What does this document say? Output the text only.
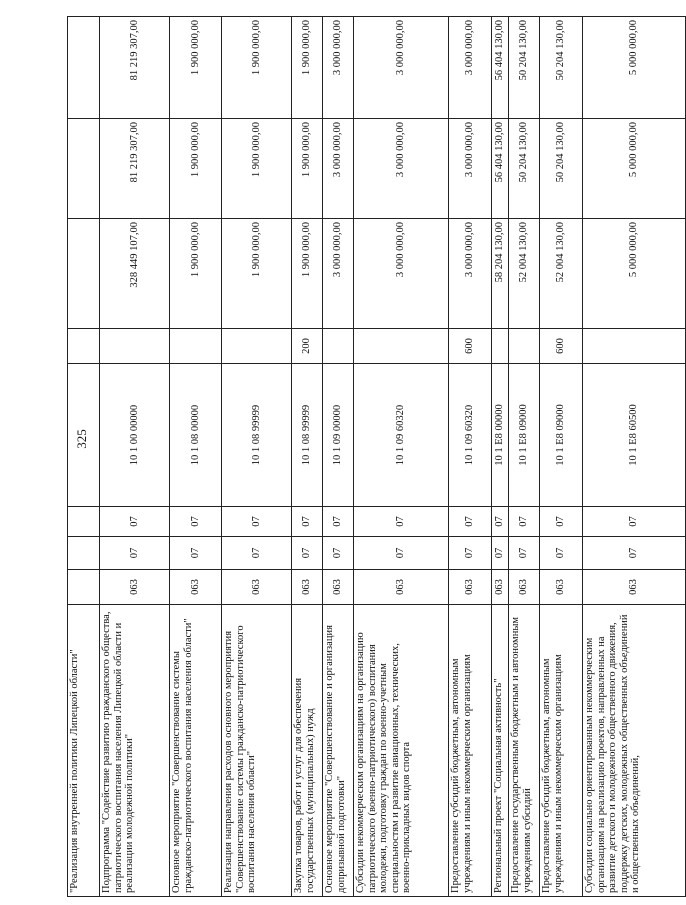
325
"Реализация внутренней политики Липецкой области"								
Подпрограмма "Содействие развитию гражданского общества, патриотического воспитания населения Липецкой области и реализации молодежной политики"	063	07	07	10 1 00 00000		328 449 107,00	81 219 307,00	81 219 307,00
Основное мероприятие "Совершенствование системы гражданско-патриотического воспитания населения области"	063	07	07	10 1 08 00000		1 900 000,00	1 900 000,00	1 900 000,00
Реализация направления расходов основного мероприятия "Совершенствование системы гражданско-патриотического воспитания населения области"	063	07	07	10 1 08 99999		1 900 000,00	1 900 000,00	1 900 000,00
Закупка товаров, работ и услуг для обеспечения государственных (муниципальных) нужд	063	07	07	10 1 08 99999	200	1 900 000,00	1 900 000,00	1 900 000,00
Основное мероприятие "Совершенствование и организация допризывной подготовки"	063	07	07	10 1 09 00000		3 000 000,00	3 000 000,00	3 000 000,00
Субсидии некоммерческим организациям на организацию патриотического (военно-патриотического) воспитания молодежи, подготовку граждан по военно-учетным специальностям и развитие авиационных, технических, военно-прикладных видов спорта	063	07	07	10 1 09 60320		3 000 000,00	3 000 000,00	3 000 000,00
Предоставление субсидий бюджетным, автономным учреждениям и иным некоммерческим организациям	063	07	07	10 1 09 60320	600	3 000 000,00	3 000 000,00	3 000 000,00
Региональный проект "Социальная активность"	063	07	07	10 1 E8 00000		58 204 130,00	56 404 130,00	56 404 130,00
Предоставление государственным бюджетным и автономным учреждениям субсидий	063	07	07	10 1 E8 09000		52 004 130,00	50 204 130,00	50 204 130,00
Предоставление субсидий бюджетным, автономным учреждениям и иным некоммерческим организациям	063	07	07	10 1 E8 09000	600	52 004 130,00	50 204 130,00	50 204 130,00
Субсидии социально ориентированным некоммерческим организациям на реализацию проектов, направленных на развитие детского и молодежного общественного движения, поддержку детских, молодежных общественных объединений и общественных объединений,	063	07	07	10 1 E8 60500		5 000 000,00	5 000 000,00	5 000 000,00
